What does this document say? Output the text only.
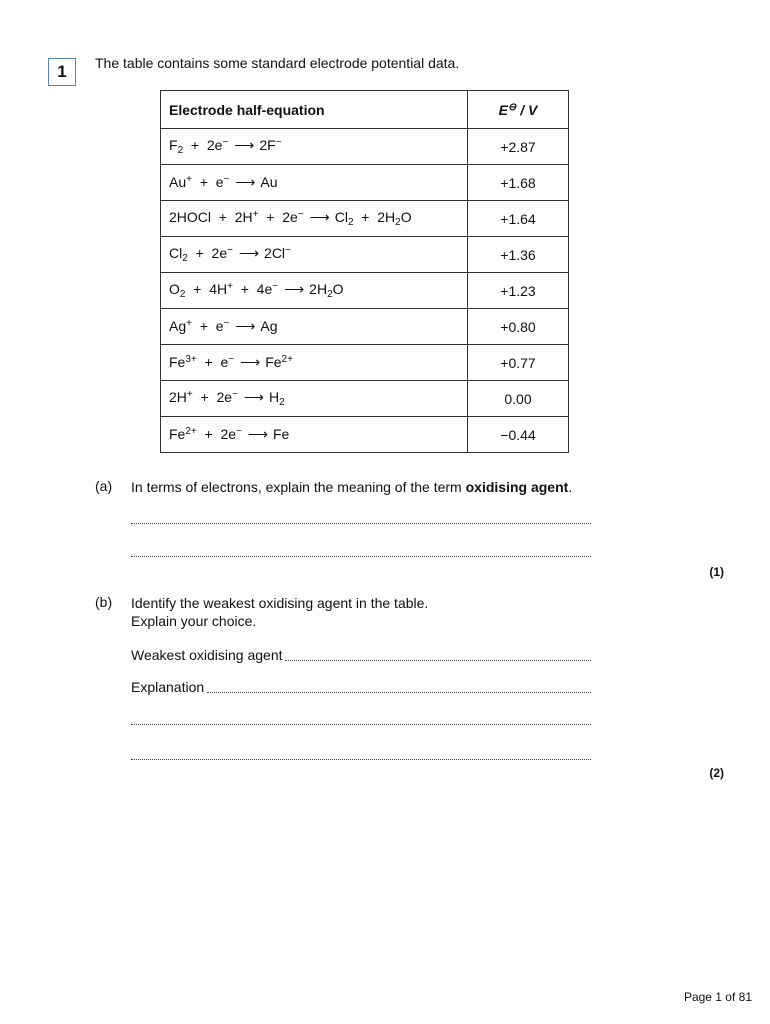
1	The table contains some standard electrode potential data.
Electrode half-equation	E⊖ / V
$F_2 + 2e^-$ ⟶ 2F−	+2.87
Au+  +  e− ⟶ Au	+1.68
2HOCl  +  2H+  +  2e− ⟶ $Cl_2 + 2H_2O$	+1.64
$Cl_2 + 2e^-$ ⟶ 2Cl−	+1.36
$O_2 + 4H^+ + 4e^-$ ⟶ $2H_2O$	+1.23
Ag+  +  e− ⟶ Ag	+0.80
$Fe^{3+} + e^-$ ⟶ $Fe^{2+}$	+0.77
2H+  +  2e− ⟶ $H_2$	0.00
$Fe^{2+} + 2e^-$ ⟶ Fe	−0.44
(a) In terms of electrons, explain the meaning of the term oxidising agent.
(1)
(b) Identify the weakest oxidising agent in the table.
Explain your choice.
Weakest oxidising agent
Explanation
(2)
Page 1 of 81
